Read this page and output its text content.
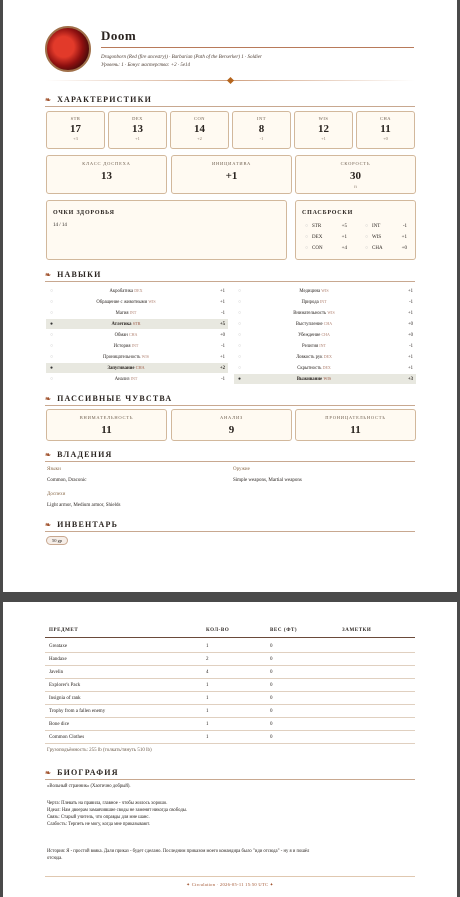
Doom
Dragonborn (Red (fire ancestry)) · Barbarian (Path of the Berserker) 1 · Soldier
Уровень: 1 · Бонус мастерства: +2 · 5e14
❧ ХАРАКТЕРИСТИКИ
ОЧКИ ЗДОРОВЬЯ
14 / 14
СПАСБРОСКИ
❧ НАВЫКИ
❧ ПАССИВНЫЕ ЧУВСТВА
❧ ВЛАДЕНИЯ
Языки
Common, Draconic
Оружие
Simple weapons, Martial weapons
Доспехи
Light armor, Medium armor, Shields
❧ ИНВЕНТАРЬ
50 gp
Грузоподъёмность: 255 lb (толкать/тянуть 510 lb)
❧ БИОГРАФИЯ
✦ Circulation · 2026-05-11 15:50 UTC ✦
STR
17
+3
DEX
13
+1
CON
14
+2
INT
8
-1
WIS
12
+1
CHA
11
+0
КЛАСС ДОСПЕХА
13
ИНИЦИАТИВА
+1
СКОРОСТЬ
30
ft
○ STR	+5	○ INT	-1
○ DEX	+1	○ WIS	+1
○ CON	+4	○ CHA	+0
○	Акробатика DEX	+1
○	Обращение с животными WIS	+1
○	Магия INT	-1
●	Атлетика STR	+5
○	Обман CHA	+0
○	История INT	-1
○	Проницательность WIS	+1
●	Запугивание CHA	+2
○	Анализ INT	-1
○	Медицина WIS	+1
○	Природа INT	-1
○	Внимательность WIS	+1
○	Выступление CHA	+0
○	Убеждение CHA	+0
○	Религия INT	-1
○	Ловкость рук DEX	+1
○	Скрытность DEX	+1
●	Выживание WIS	+3
ВНИМАТЕЛЬНОСТЬ
11
АНАЛИЗ
9
ПРОНИЦАТЕЛЬНОСТЬ
11
ПРЕДМЕТ	КОЛ-ВО	ВЕС (ФТ)	ЗАМЕТКИ
Greataxe	1	0
Handaxe	2	0
Javelin	4	0
Explorer's Pack	1	0
Insignia of rank	1	0
Trophy from a fallen enemy	1	0
Bone dice	1	0
Common Clothes	1	0
«Вольный странник» (Хаотично добрый).
Черта: Плевать на правила, главное - чтобы жилось хорошо.
Идеал: Нам двоерам замаячившие своды не заменят никогда свободы.
Связь: Старый учитель, что оправды для мне шанс.
Слабость: Терпеть не могу, когда мне приказывают.
История: Я - простой вояка. Дали приказ - будет сделано. Последним приказом моего командира было "иди отсюда" - ну я и пошёл
отсюда.
